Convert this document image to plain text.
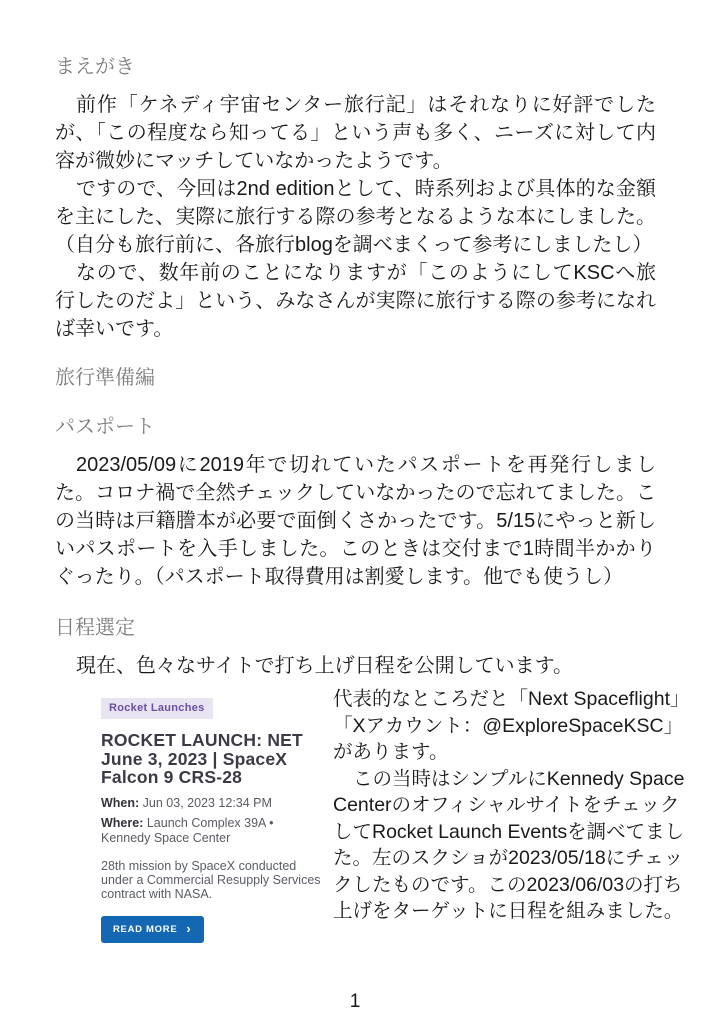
まえがき

前作「ケネディ宇宙センター旅行記」はそれなりに好評でしたが、「この程度なら知ってる」という声も多く、ニーズに対して内容が微妙にマッチしていなかったようです。

ですので、今回は2nd editionとして、時系列および具体的な金額を主にした、実際に旅行する際の参考となるような本にしました。（自分も旅行前に、各旅行blogを調べまくって参考にしましたし）

なので、数年前のことになりますが「このようにしてKSCへ旅行したのだよ」という、みなさんが実際に旅行する際の参考になれば幸いです。

旅行準備編
パスポート

2023/05/09に2019年で切れていたパスポートを再発行しました。コロナ禍で全然チェックしていなかったので忘れてました。この当時は戸籍謄本が必要で面倒くさかったです。5/15にやっと新しいパスポートを入手しました。このときは交付まで1時間半かかりぐったり。（パスポート取得費用は割愛します。他でも使うし）

日程選定

現在、色々なサイトで打ち上げ日程を公開しています。

Rocket Launches
ROCKET LAUNCH: NET June 3, 2023 | SpaceX Falcon 9 CRS-28

When: Jun 03, 2023 12:34 PM

Where: Launch Complex 39A • Kennedy Space Center

28th mission by SpaceX conducted under a Commercial Resupply Services contract with NASA.

READ MORE ›

代表的なところだと「Next Spaceflight」「Xアカウント：@ExploreSpaceKSC」があります。

この当時はシンプルにKennedy Space CenterのオフィシャルサイトをチェックしてRocket Launch Eventsを調べてました。左のスクショが2023/05/18にチェックしたものです。この2023/06/03の打ち上げをターゲットに日程を組みました。

1
